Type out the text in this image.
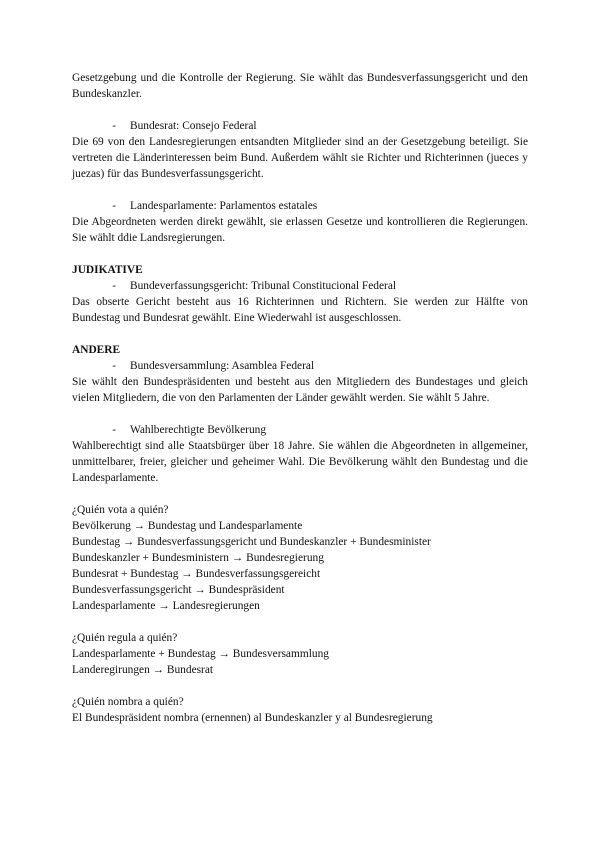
Gesetzgebung und die Kontrolle der Regierung. Sie wählt das Bundesverfassungsgericht und den Bundeskanzler.

-	Bundesrat: Consejo Federal

Die 69 von den Landesregierungen entsandten Mitglieder sind an der Gesetzgebung beteiligt. Sie vertreten die Länderinteressen beim Bund. Außerdem wählt sie Richter und Richterinnen (jueces y juezas) für das Bundesverfassungsgericht.

-	Landesparlamente: Parlamentos estatales

Die Abgeordneten werden direkt gewählt, sie erlassen Gesetze und kontrollieren die Regierungen. Sie wählt ddie Landsregierungen.

JUDIKATIVE

-	Bundeverfassungsgericht: Tribunal Constitucional Federal

Das obserte Gericht besteht aus 16 Richterinnen und Richtern. Sie werden zur Hälfte von Bundestag und Bundesrat gewählt. Eine Wiederwahl ist ausgeschlossen.

ANDERE

-	Bundesversammlung: Asamblea Federal

Sie wählt den Bundespräsidenten und besteht aus den Mitgliedern des Bundestages und gleich vielen Mitgliedern, die von den Parlamenten der Länder gewählt werden. Sie wählt 5 Jahre.

-	Wahlberechtigte Bevölkerung

Wahlberechtigt sind alle Staatsbürger über 18 Jahre. Sie wählen die Abgeordneten in allgemeiner, unmittelbarer, freier, gleicher und geheimer Wahl. Die Bevölkerung wählt den Bundestag und die Landesparlamente.

¿Quién vota a quién?

Bevölkerung → Bundestag und Landesparlamente

Bundestag → Bundesverfassungsgericht und Bundeskanzler + Bundesminister

Bundeskanzler + Bundesministern → Bundesregierung

Bundesrat + Bundestag → Bundesverfassungsgereicht

Bundesverfassungsgericht → Bundespräsident

Landesparlamente → Landesregierungen

¿Quién regula a quién?

Landesparlamente + Bundestag → Bundesversammlung

Landeregirungen → Bundesrat

¿Quién nombra a quién?

El Bundespräsident nombra (ernennen) al Bundeskanzler y al Bundesregierung
